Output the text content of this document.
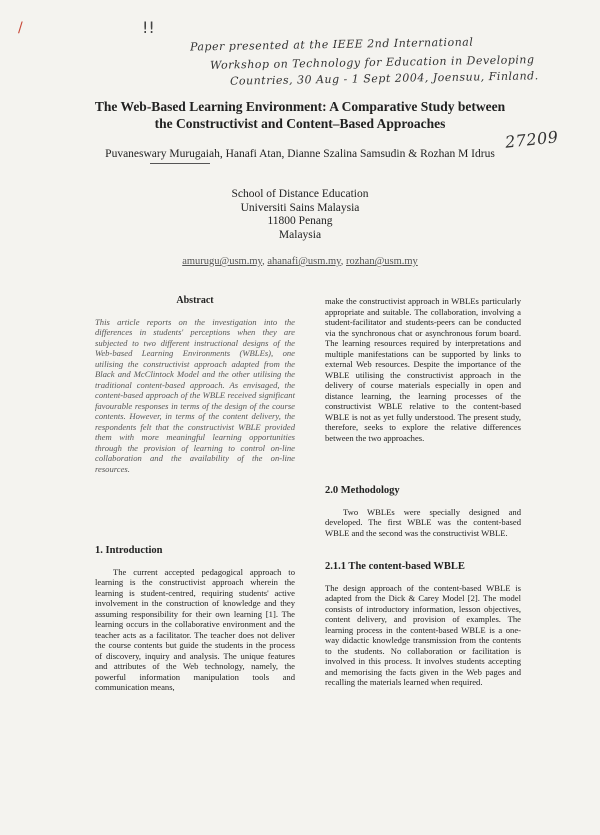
/	!!
Paper presented at the IEEE 2nd International
Workshop on Technology for Education in Developing
Countries, 30 Aug - 1 Sept 2004, Joensuu, Finland.
27209
The Web-Based Learning Environment: A Comparative Study between
the Constructivist and Content–Based Approaches
Puvaneswary Murugaiah, Hanafi Atan, Dianne Szalina Samsudin & Rozhan M Idrus
School of Distance Education
Universiti Sains Malaysia
11800 Penang
Malaysia
amurugu@usm.my, ahanafi@usm.my, rozhan@usm.my
Abstract

This article reports on the investigation into the differences in students' perceptions when they are subjected to two different instructional designs of the Web-based Learning Environments (WBLEs), one utilising the constructivist approach adapted from the Black and McClintock Model and the other utilising the traditional content-based approach. As envisaged, the content-based approach of the WBLE received significant favourable responses in terms of the design of the course contents. However, in terms of the content delivery, the respondents felt that the constructivist WBLE provided them with more meaningful learning opportunities through the provision of learning to control on-line collaboration and the availability of the on-line resources.

1. Introduction

The current accepted pedagogical approach to learning is the constructivist approach wherein the learning is student-centred, requiring students' active involvement in the construction of knowledge and they assuming responsibility for their own learning [1]. The learning occurs in the collaborative environment and the teacher acts as a facilitator. The teacher does not deliver the course contents but guide the students in the process of discovery, inquiry and analysis. The unique features and attributes of the Web technology, namely, the powerful information manipulation tools and communication means,

make the constructivist approach in WBLEs particularly appropriate and suitable. The collaboration, involving a student-facilitator and students-peers can be conducted via the synchronous chat or asynchronous forum board. The learning resources required by interpretations and multiple manifestations can be supported by links to external Web resources. Despite the importance of the WBLE utilising the constructivist approach in the delivery of course materials especially in open and distance learning, the learning processes of the constructivist WBLE relative to the content-based WBLE is not as yet fully understood. The present study, therefore, seeks to explore the relative differences between the two approaches.

2.0 Methodology

Two WBLEs were specially designed and developed. The first WBLE was the content-based WBLE and the second was the constructivist WBLE.

2.1.1 The content-based WBLE

The design approach of the content-based WBLE is adapted from the Dick & Carey Model [2]. The model consists of introductory information, lesson objectives, content delivery, and provision of examples. The learning process in the content-based WBLE is a one-way didactic knowledge transmission from the contents to the students. No collaboration or facilitation is involved in this process. It involves students accepting and memorising the facts given in the Web pages and recalling the materials learned when required.
